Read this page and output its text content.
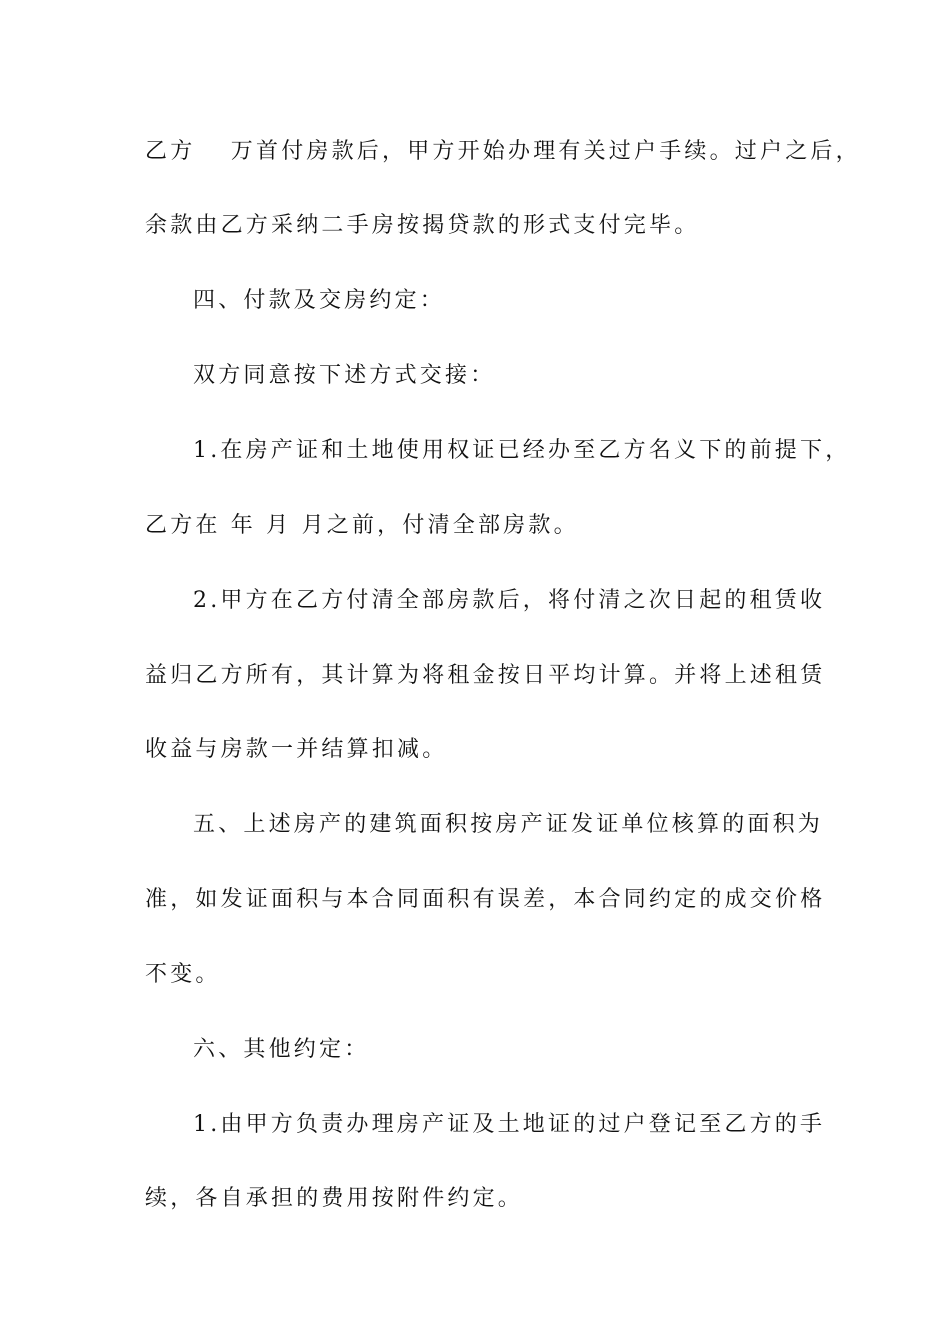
乙方　 万首付房款后，甲方开始办理有关过户手续。过户之后，
余款由乙方采纳二手房按揭贷款的形式支付完毕。
四、付款及交房约定：
双方同意按下述方式交接：
1.在房产证和土地使用权证已经办至乙方名义下的前提下，
乙方在 年 月 月之前，付清全部房款。
2.甲方在乙方付清全部房款后，将付清之次日起的租赁收
益归乙方所有，其计算为将租金按日平均计算。并将上述租赁
收益与房款一并结算扣减。
五、上述房产的建筑面积按房产证发证单位核算的面积为
准，如发证面积与本合同面积有误差，本合同约定的成交价格
不变。
六、其他约定：
1.由甲方负责办理房产证及土地证的过户登记至乙方的手
续，各自承担的费用按附件约定。
